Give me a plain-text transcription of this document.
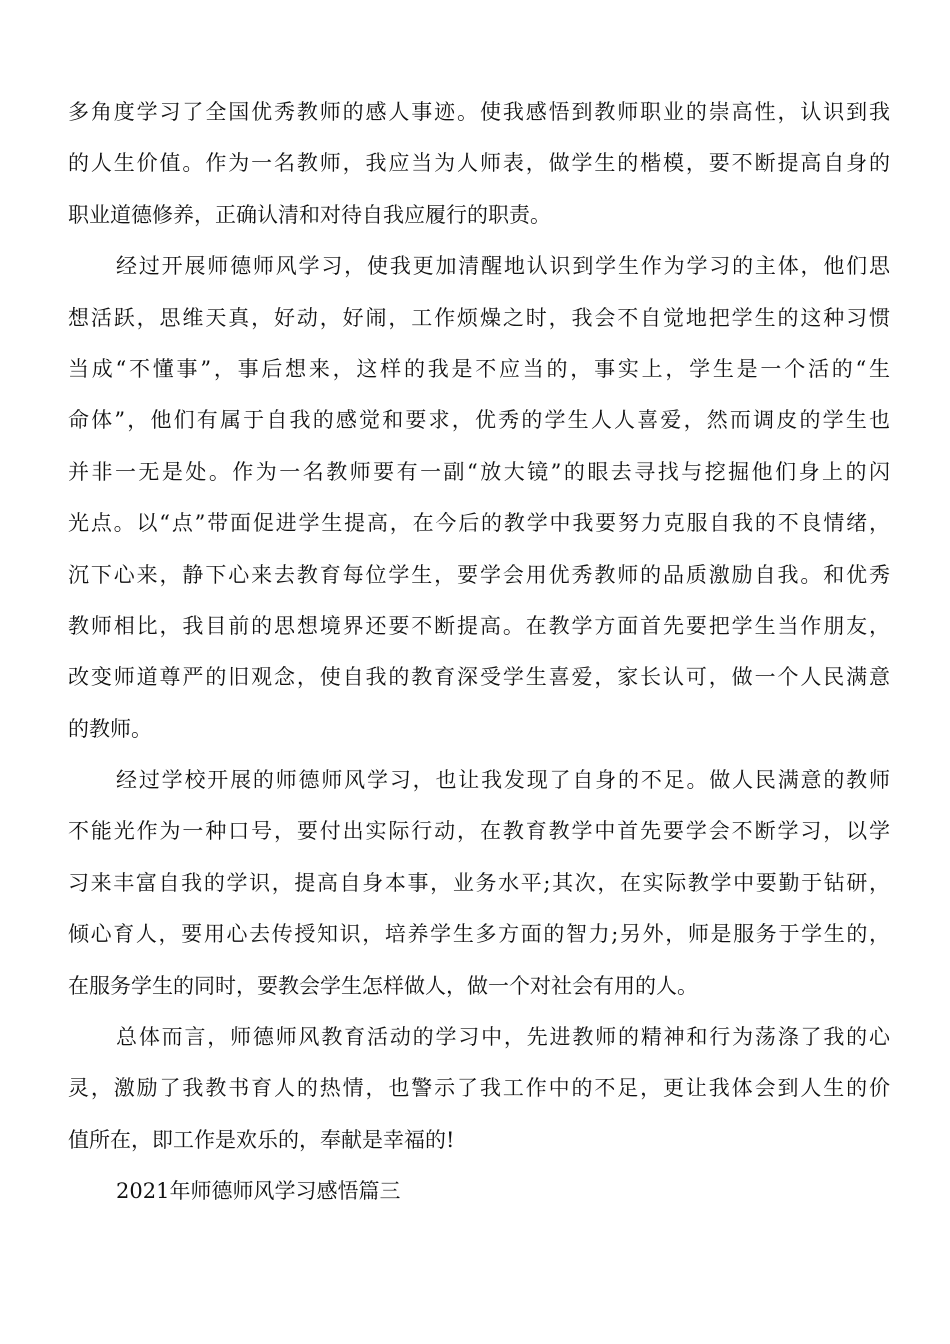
多角度学习了全国优秀教师的感人事迹。使我感悟到教师职业的崇高性，认识到我
的人生价值。作为一名教师，我应当为人师表，做学生的楷模，要不断提高自身的
职业道德修养，正确认清和对待自我应履行的职责。
经过开展师德师风学习，使我更加清醒地认识到学生作为学习的主体，他们思
想活跃，思维天真，好动，好闹，工作烦燥之时，我会不自觉地把学生的这种习惯
当成“不懂事”，事后想来，这样的我是不应当的，事实上，学生是一个活的“生
命体”，他们有属于自我的感觉和要求，优秀的学生人人喜爱，然而调皮的学生也
并非一无是处。作为一名教师要有一副“放大镜”的眼去寻找与挖掘他们身上的闪
光点。以“点”带面促进学生提高，在今后的教学中我要努力克服自我的不良情绪，
沉下心来，静下心来去教育每位学生，要学会用优秀教师的品质激励自我。和优秀
教师相比，我目前的思想境界还要不断提高。在教学方面首先要把学生当作朋友，
改变师道尊严的旧观念，使自我的教育深受学生喜爱，家长认可，做一个人民满意
的教师。
经过学校开展的师德师风学习，也让我发现了自身的不足。做人民满意的教师
不能光作为一种口号，要付出实际行动，在教育教学中首先要学会不断学习，以学
习来丰富自我的学识，提高自身本事，业务水平;其次，在实际教学中要勤于钻研，
倾心育人，要用心去传授知识，培养学生多方面的智力;另外，师是服务于学生的，
在服务学生的同时，要教会学生怎样做人，做一个对社会有用的人。
总体而言，师德师风教育活动的学习中，先进教师的精神和行为荡涤了我的心
灵，激励了我教书育人的热情，也警示了我工作中的不足，更让我体会到人生的价
值所在，即工作是欢乐的，奉献是幸福的!
2021年师德师风学习感悟篇三
